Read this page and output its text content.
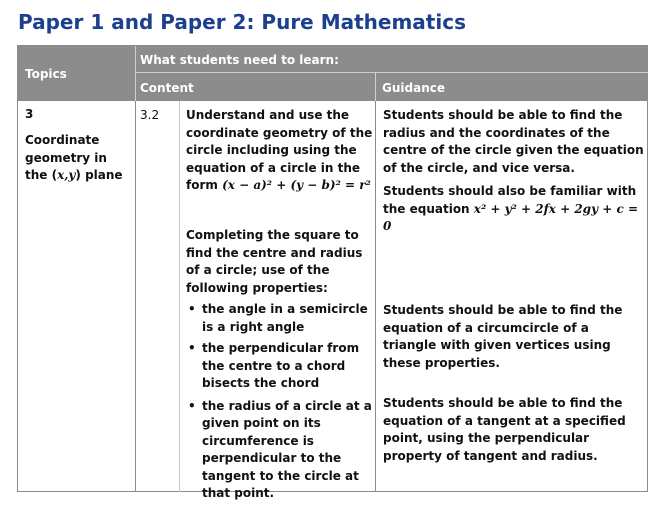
Paper 1 and Paper 2: Pure Mathematics
Topics
What students need to learn:
Content	Guidance
3
Coordinate
geometry in
the (x,y) plane
3.2 Understand and use the
coordinate geometry of the
circle including using the
equation of a circle in the
form (x − a)² + (y − b)² = r²
Completing the square to
find the centre and radius
of a circle; use of the
following properties:
• the angle in a semicircle
is a right angle
• the perpendicular from
the centre to a chord
bisects the chord
• the radius of a circle at a
given point on its
circumference is
perpendicular to the
tangent to the circle at
that point.
Students should be able to find the
radius and the coordinates of the
centre of the circle given the equation
of the circle, and vice versa.
Students should also be familiar with
the equation x² + y² + 2fx + 2gy + c = 0
Students should be able to find the
equation of a circumcircle of a
triangle with given vertices using
these properties.
Students should be able to find the
equation of a tangent at a specified
point, using the perpendicular
property of tangent and radius.
